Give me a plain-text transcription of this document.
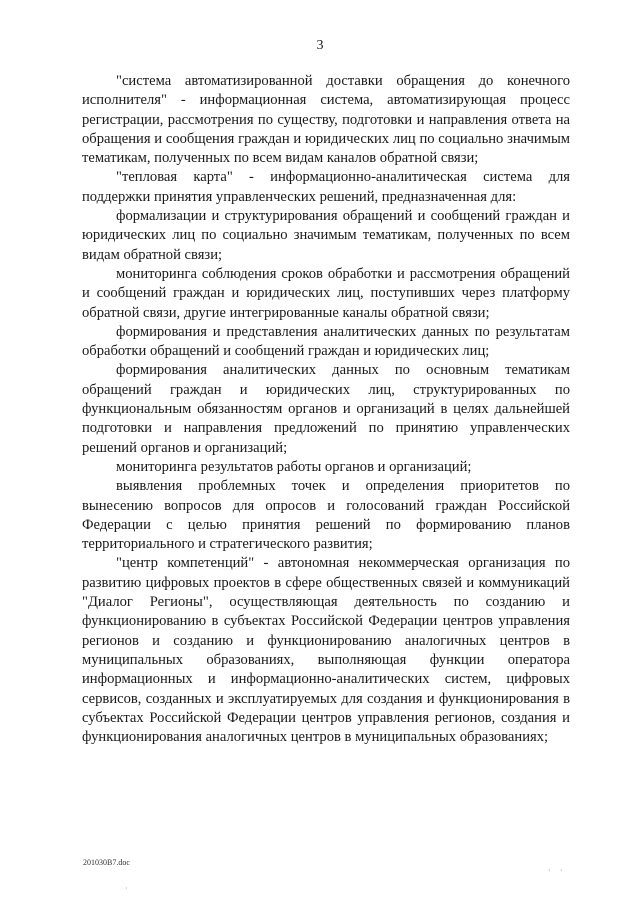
3

"система автоматизированной доставки обращения до конечного исполнителя" - информационная система, автоматизирующая процесс регистрации, рассмотрения по существу, подготовки и направления ответа на обращения и сообщения граждан и юридических лиц по социально значимым тематикам, полученных по всем видам каналов обратной связи;

"тепловая карта" - информационно-аналитическая система для поддержки принятия управленческих решений, предназначенная для:

формализации и структурирования обращений и сообщений граждан и юридических лиц по социально значимым тематикам, полученных по всем видам обратной связи;

мониторинга соблюдения сроков обработки и рассмотрения обращений и сообщений граждан и юридических лиц, поступивших через платформу обратной связи, другие интегрированные каналы обратной связи;

формирования и представления аналитических данных по результатам обработки обращений и сообщений граждан и юридических лиц;

формирования аналитических данных по основным тематикам обращений граждан и юридических лиц, структурированных по функциональным обязанностям органов и организаций в целях дальнейшей подготовки и направления предложений по принятию управленческих решений органов и организаций;

мониторинга результатов работы органов и организаций;

выявления проблемных точек и определения приоритетов по вынесению вопросов для опросов и голосований граждан Российской Федерации с целью принятия решений по формированию планов территориального и стратегического развития;

"центр компетенций" - автономная некоммерческая организация по развитию цифровых проектов в сфере общественных связей и коммуникаций "Диалог Регионы", осуществляющая деятельность по созданию и функционированию в субъектах Российской Федерации центров управления регионов и созданию и функционированию аналогичных центров в муниципальных образованиях, выполняющая функции оператора информационных и информационно-аналитических систем, цифровых сервисов, созданных и эксплуатируемых для создания и функционирования в субъектах Российской Федерации центров управления регионов, создания и функционирования аналогичных центров в муниципальных образованиях;

201030В7.doc
·
· ·
